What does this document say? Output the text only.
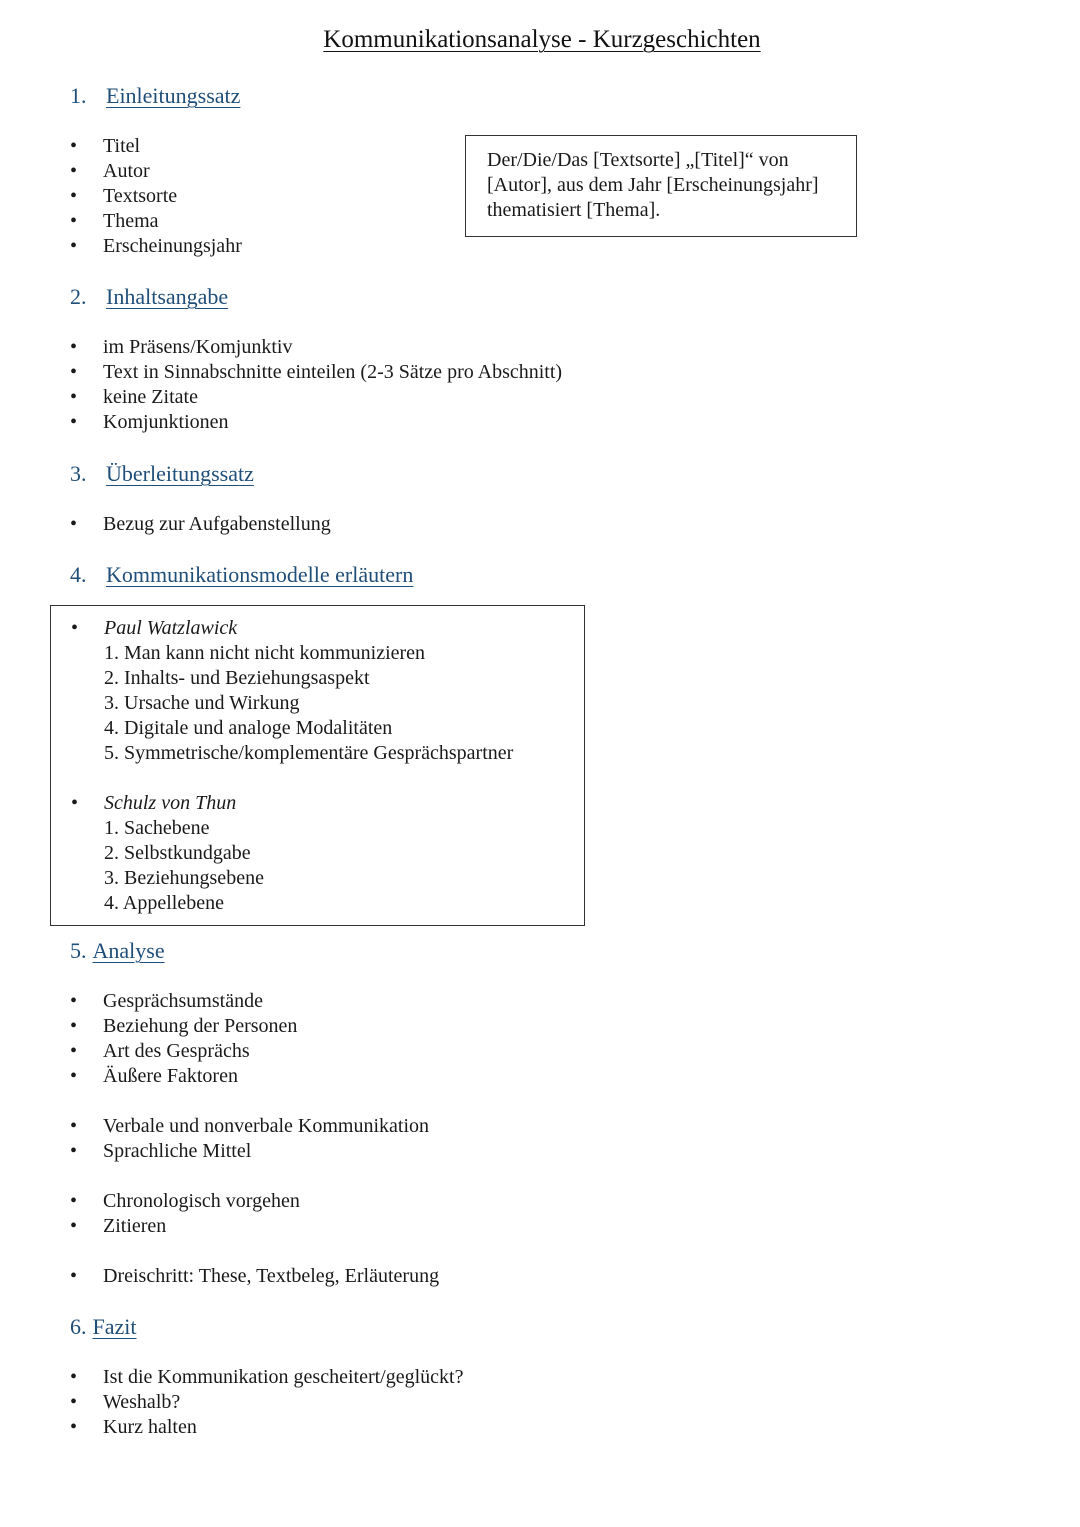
Kommunikationsanalyse - Kurzgeschichten
1. Einleitungssatz
• Titel
• Autor
• Textsorte
• Thema
• Erscheinungsjahr
Der/Die/Das [Textsorte] „[Titel]“ von [Autor], aus dem Jahr [Erscheinungsjahr] thematisiert [Thema].
2. Inhaltsangabe
• im Präsens/Komjunktiv
• Text in Sinnabschnitte einteilen (2-3 Sätze pro Abschnitt)
• keine Zitate
• Komjunktionen
3. Überleitungssatz
• Bezug zur Aufgabenstellung
4. Kommunikationsmodelle erläutern
• Paul Watzlawick
1. Man kann nicht nicht kommunizieren
2. Inhalts- und Beziehungsaspekt
3. Ursache und Wirkung
4. Digitale und analoge Modalitäten
5. Symmetrische/komplementäre Gesprächspartner
• Schulz von Thun
1. Sachebene
2. Selbstkundgabe
3. Beziehungsebene
4. Appellebene
5. Analyse
• Gesprächsumstände
• Beziehung der Personen
• Art des Gesprächs
• Äußere Faktoren
• Verbale und nonverbale Kommunikation
• Sprachliche Mittel
• Chronologisch vorgehen
• Zitieren
• Dreischritt: These, Textbeleg, Erläuterung
6. Fazit
• Ist die Kommunikation gescheitert/geglückt?
• Weshalb?
• Kurz halten
